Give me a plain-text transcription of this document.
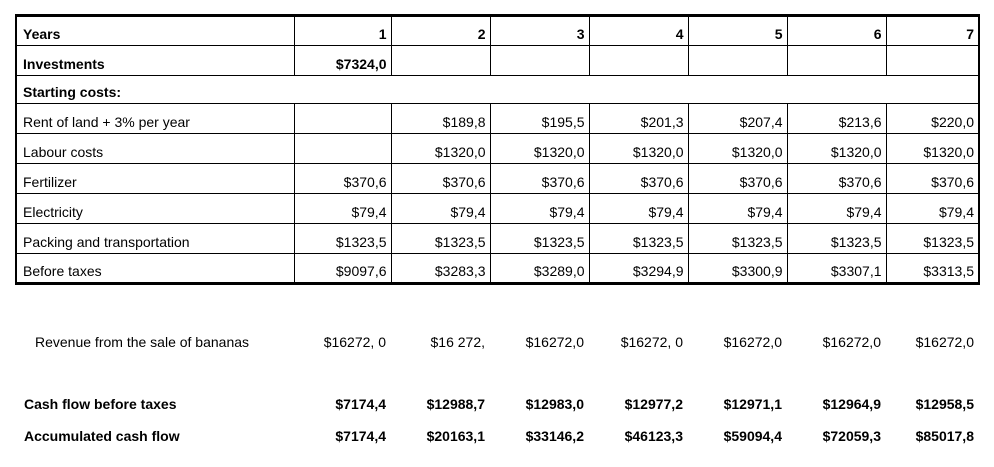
Years	1	2	3	4	5	6	7
Investments	$7324,0						
Starting costs:							
Rent of land + 3% per year		$189,8	$195,5	$201,3	$207,4	$213,6	$220,0
Labour costs		$1320,0	$1320,0	$1320,0	$1320,0	$1320,0	$1320,0
Fertilizer	$370,6	$370,6	$370,6	$370,6	$370,6	$370,6	$370,6
Electricity	$79,4	$79,4	$79,4	$79,4	$79,4	$79,4	$79,4
Packing and transportation	$1323,5	$1323,5	$1323,5	$1323,5	$1323,5	$1323,5	$1323,5
Before taxes	$9097,6	$3283,3	$3289,0	$3294,9	$3300,9	$3307,1	$3313,5
Revenue from the sale of bananas	$16272, 0	$16 272,	$16272,0	$16272, 0	$16272,0	$16272,0	$16272,0
Cash flow before taxes	$7174,4	$12988,7	$12983,0	$12977,2	$12971,1	$12964,9	$12958,5
Accumulated cash flow	$7174,4	$20163,1	$33146,2	$46123,3	$59094,4	$72059,3	$85017,8
